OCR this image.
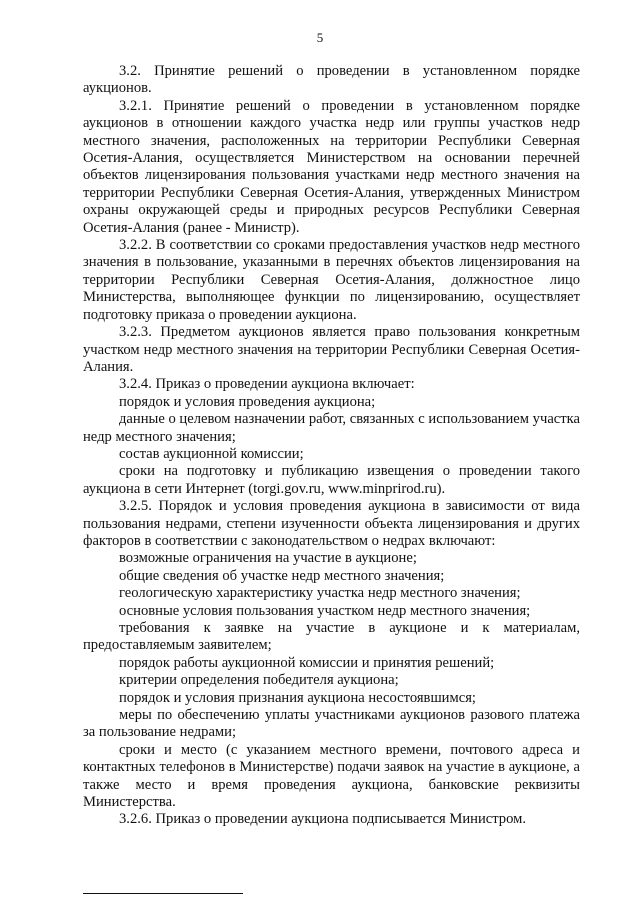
5

3.2. Принятие решений о проведении в установленном порядке аукционов.

3.2.1. Принятие решений о проведении в установленном порядке аукционов в отношении каждого участка недр или группы участков недр местного значения, расположенных на территории Республики Северная Осетия-Алания, осуществляется Министерством на основании перечней объектов лицензирования пользования участками недр местного значения на территории Республики Северная Осетия-Алания, утвержденных Министром охраны окружающей среды и природных ресурсов Республики Северная Осетия-Алания (ранее - Министр).

3.2.2. В соответствии со сроками предоставления участков недр местного значения в пользование, указанными в перечнях объектов лицензирования на территории Республики Северная Осетия-Алания, должностное лицо Министерства, выполняющее функции по лицензированию, осуществляет подготовку приказа о проведении аукциона.

3.2.3. Предметом аукционов является право пользования конкретным участком недр местного значения на территории Республики Северная Осетия-Алания.

3.2.4. Приказ о проведении аукциона включает:

порядок и условия проведения аукциона;

данные о целевом назначении работ, связанных с использованием участка недр местного значения;

состав аукционной комиссии;

сроки на подготовку и публикацию извещения о проведении такого аукциона в сети Интернет (torgi.gov.ru, www.minprirod.ru).

3.2.5. Порядок и условия проведения аукциона в зависимости от вида пользования недрами, степени изученности объекта лицензирования и других факторов в соответствии с законодательством о недрах включают:

возможные ограничения на участие в аукционе;

общие сведения об участке недр местного значения;

геологическую характеристику участка недр местного значения;

основные условия пользования участком недр местного значения;

требования к заявке на участие в аукционе и к материалам, предоставляемым заявителем;

порядок работы аукционной комиссии и принятия решений;

критерии определения победителя аукциона;

порядок и условия признания аукциона несостоявшимся;

меры по обеспечению уплаты участниками аукционов разового платежа за пользование недрами;

сроки и место (с указанием местного времени, почтового адреса и контактных телефонов в Министерстве) подачи заявок на участие в аукционе, а также место и время проведения аукциона, банковские реквизиты Министерства.

3.2.6. Приказ о проведении аукциона подписывается Министром.
